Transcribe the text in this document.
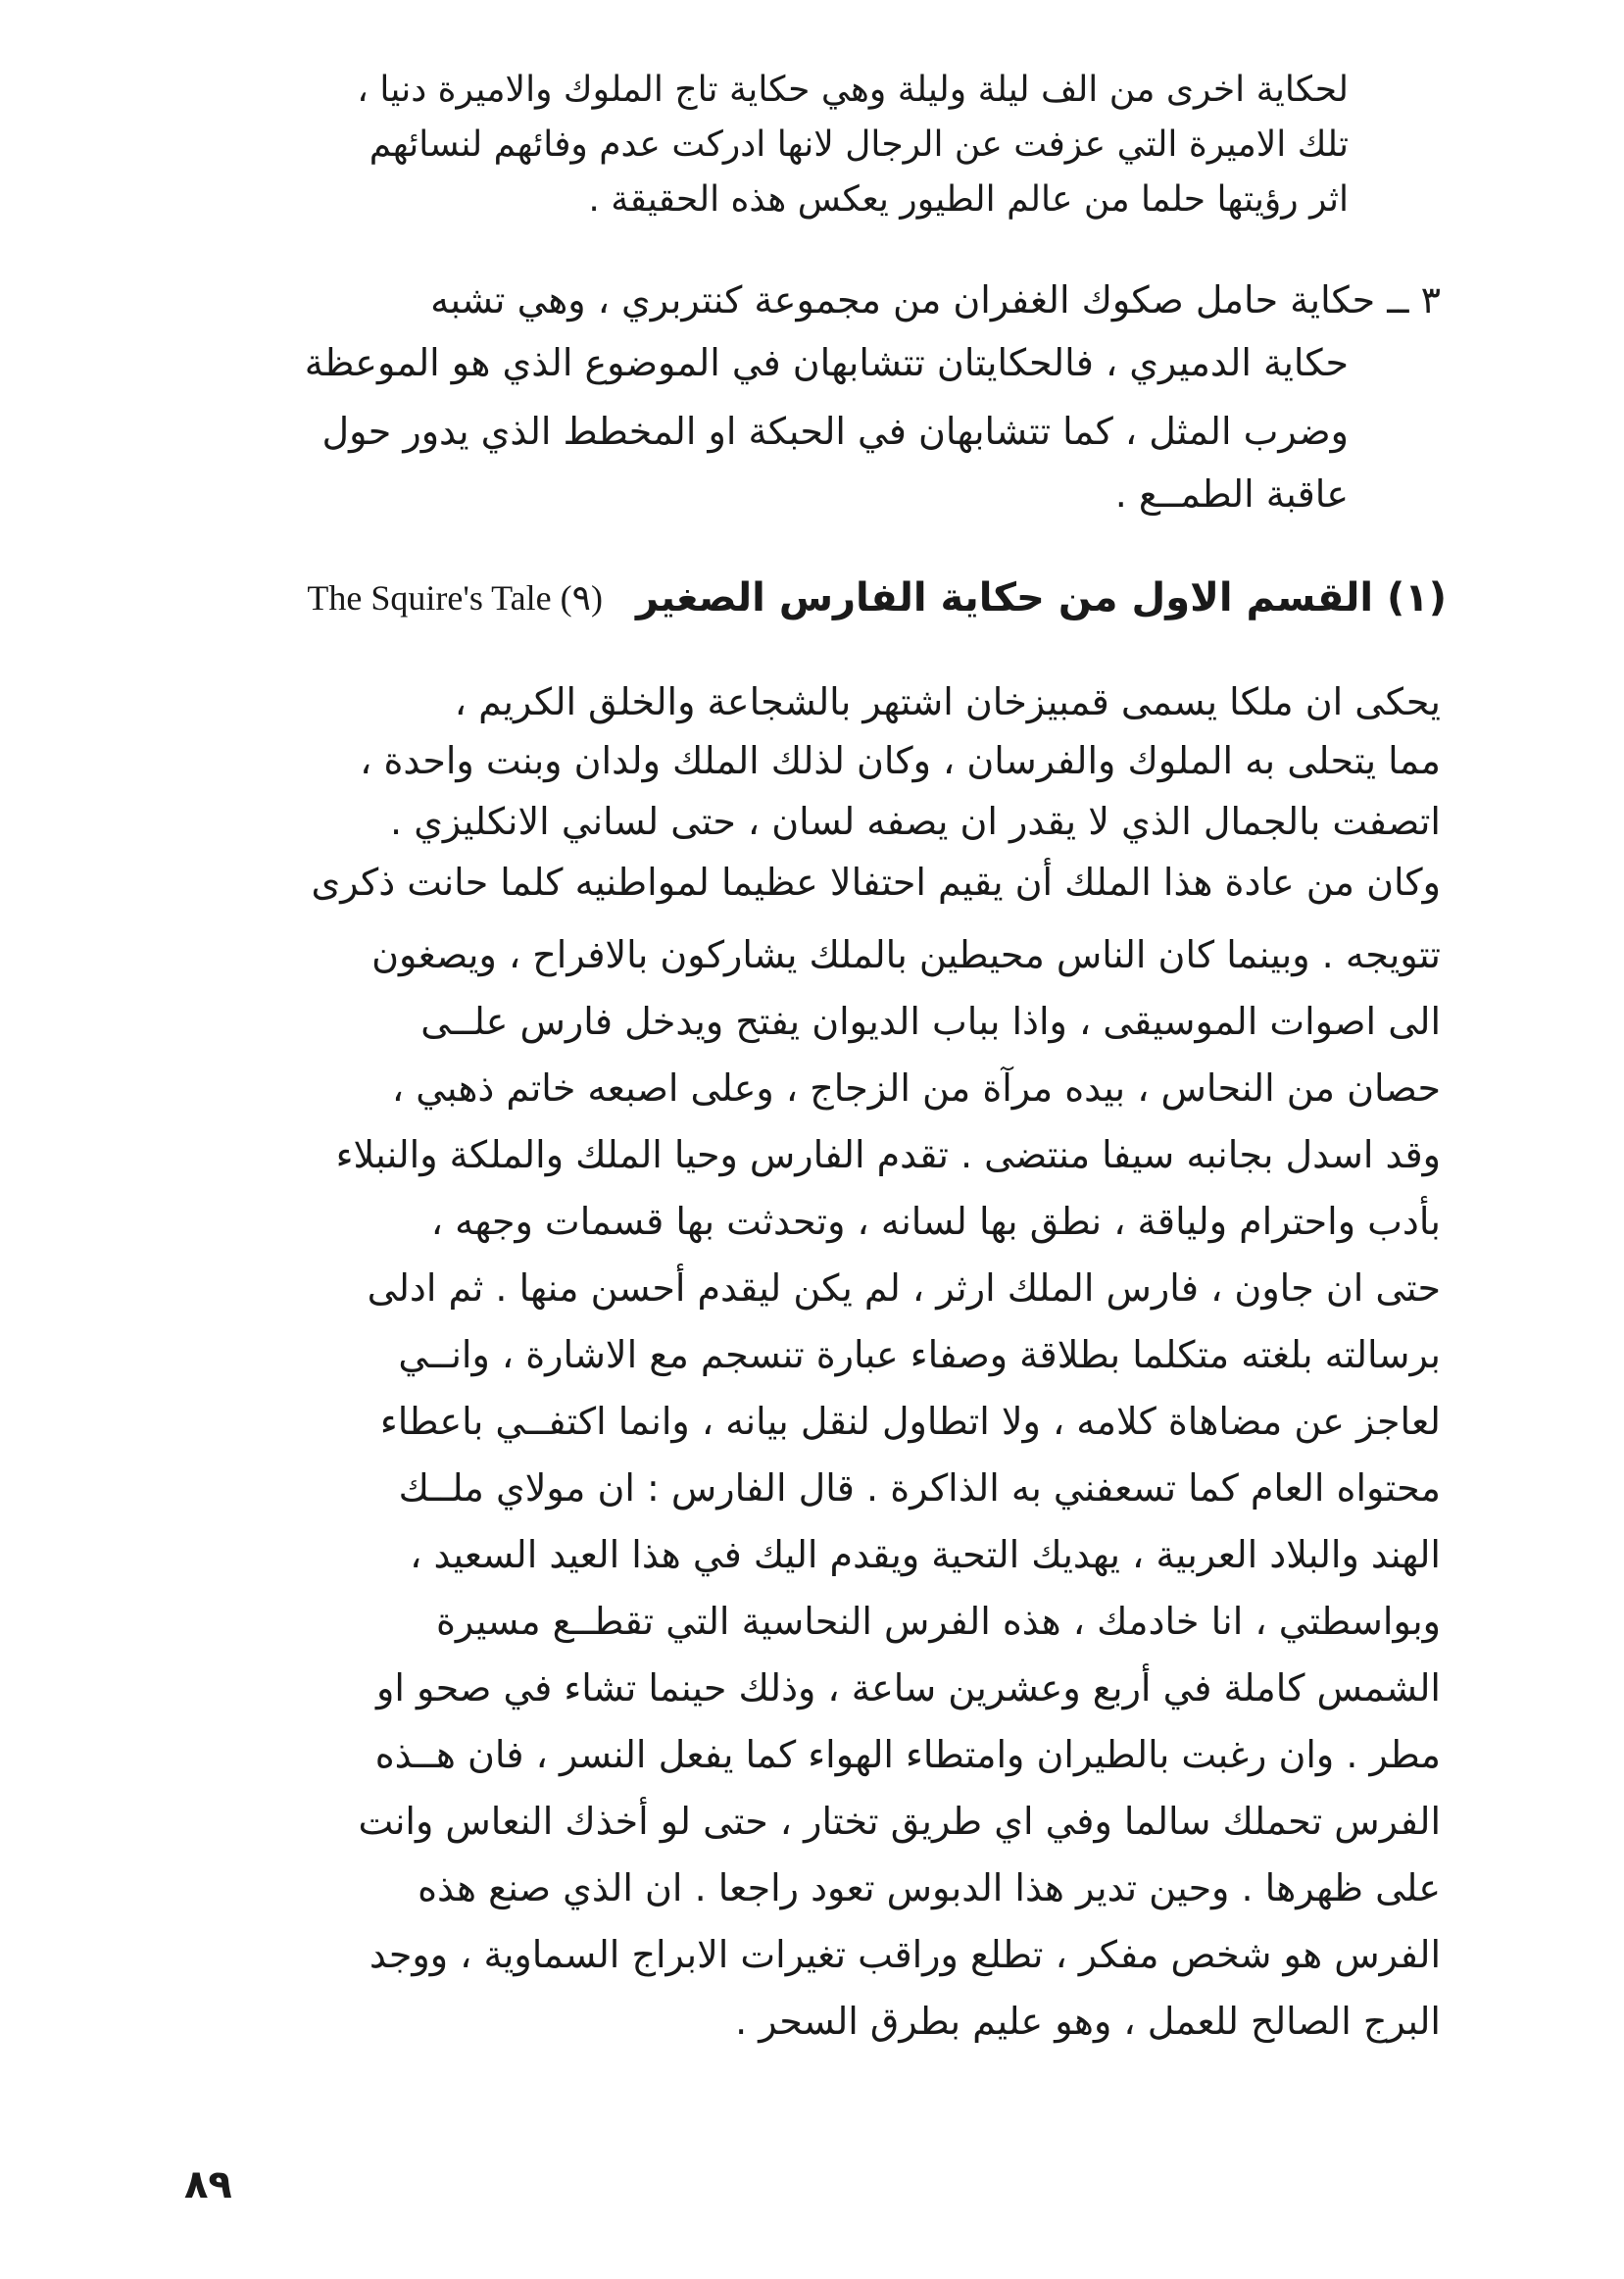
لحكاية اخرى من الف ليلة وليلة وهي حكاية تاج الملوك والاميرة دنيا ،
تلك الاميرة التي عزفت عن الرجال لانها ادركت عدم وفائهم لنسائهم
اثر رؤيتها حلما من عالم الطيور يعكس هذه الحقيقة .
٣ ــ حكاية حامل صكوك الغفران من مجموعة كنتربري ، وهي تشبه
حكاية الدميري ، فالحكايتان تتشابهان في الموضوع الذي هو الموعظة
وضرب المثل ، كما تتشابهان في الحبكة او المخطط الذي يدور حول
عاقبة الطمــع .
(١) القسم الاول من حكاية الفارس الصغير
The Squire's Tale (٩)
يحكى ان ملكا يسمى قمبيزخان اشتهر بالشجاعة والخلق الكريم ،
مما يتحلى به الملوك والفرسان ، وكان لذلك الملك ولدان وبنت واحدة ،
اتصفت بالجمال الذي لا يقدر ان يصفه لسان ، حتى لساني الانكليزي .
وكان من عادة هذا الملك أن يقيم احتفالا عظيما لمواطنيه كلما حانت ذكرى
تتويجه . وبينما كان الناس محيطين بالملك يشاركون بالافراح ، ويصغون
الى اصوات الموسيقى ، واذا بباب الديوان يفتح ويدخل فارس علــى
حصان من النحاس ، بيده مرآة من الزجاج ، وعلى اصبعه خاتم ذهبي ،
وقد اسدل بجانبه سيفا منتضى . تقدم الفارس وحيا الملك والملكة والنبلاء
بأدب واحترام ولياقة ، نطق بها لسانه ، وتحدثت بها قسمات وجهه ،
حتى ان جاون ، فارس الملك ارثر ، لم يكن ليقدم أحسن منها . ثم ادلى
برسالته بلغته متكلما بطلاقة وصفاء عبارة تنسجم مع الاشارة ، وانــي
لعاجز عن مضاهاة كلامه ، ولا اتطاول لنقل بيانه ، وانما اكتفــي باعطاء
محتواه العام كما تسعفني به الذاكرة . قال الفارس : ان مولاي ملــك
الهند والبلاد العربية ، يهديك التحية ويقدم اليك في هذا العيد السعيد ،
وبواسطتي ، انا خادمك ، هذه الفرس النحاسية التي تقطــع مسيرة
الشمس كاملة في أربع وعشرين ساعة ، وذلك حينما تشاء في صحو او
مطر . وان رغبت بالطيران وامتطاء الهواء كما يفعل النسر ، فان هــذه
الفرس تحملك سالما وفي اي طريق تختار ، حتى لو أخذك النعاس وانت
على ظهرها . وحين تدير هذا الدبوس تعود راجعا . ان الذي صنع هذه
الفرس هو شخص مفكر ، تطلع وراقب تغيرات الابراج السماوية ، ووجد
البرج الصالح للعمل ، وهو عليم بطرق السحر .
٨٩
